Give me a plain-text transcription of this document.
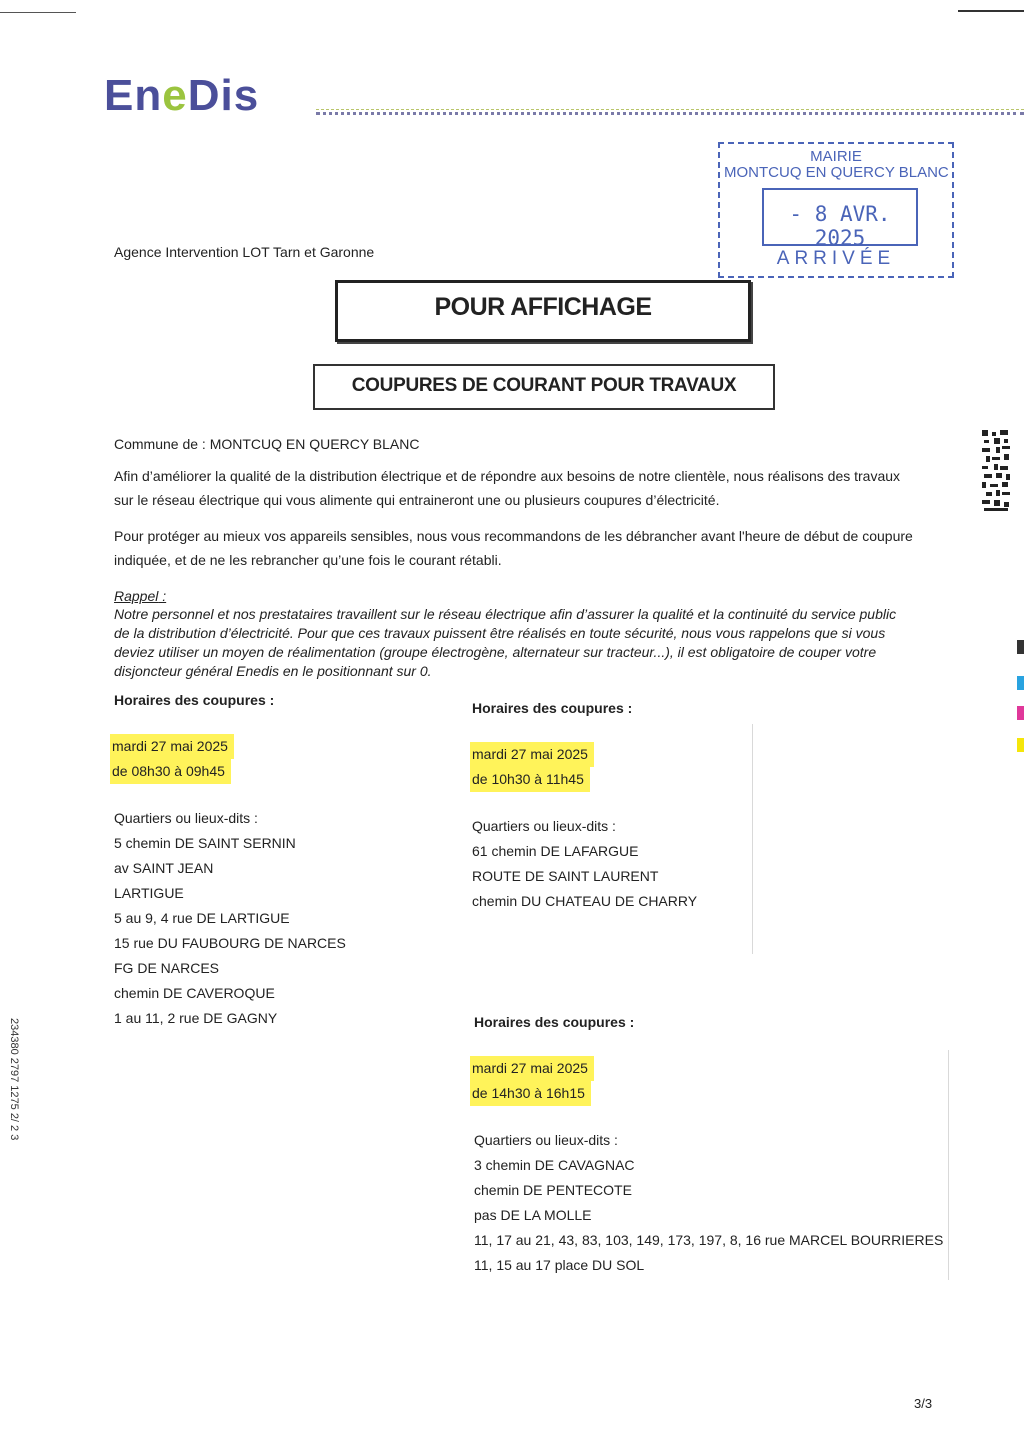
EneDis
MAIRIE
MONTCUQ EN QUERCY BLANC
- 8 AVR. 2025
ARRIVÉE
Agence Intervention LOT Tarn et Garonne
POUR AFFICHAGE
COUPURES DE COURANT POUR TRAVAUX
Commune de : MONTCUQ EN QUERCY BLANC
Afin d’améliorer la qualité de la distribution électrique et de répondre aux besoins de notre clientèle, nous réalisons des travaux
sur le réseau électrique qui vous alimente qui entraineront une ou plusieurs coupures d’électricité.
Pour protéger au mieux vos appareils sensibles, nous vous recommandons de les débrancher avant l'heure de début de coupure
indiquée, et de ne les rebrancher qu’une fois le courant rétabli.
Rappel :
Notre personnel et nos prestataires travaillent sur le réseau électrique afin d’assurer la qualité et la continuité du service public
de la distribution d’électricité. Pour que ces travaux puissent être réalisés en toute sécurité, nous vous rappelons que si vous
deviez utiliser un moyen de réalimentation (groupe électrogène, alternateur sur tracteur...), il est obligatoire de couper votre
disjoncteur général Enedis en le positionnant sur 0.
Horaires des coupures :
mardi 27 mai 2025
de 08h30 à 09h45
Quartiers ou lieux-dits :
5 chemin DE SAINT SERNIN
av SAINT JEAN
LARTIGUE
5 au 9, 4 rue DE LARTIGUE
15 rue DU FAUBOURG DE NARCES
FG DE NARCES
chemin DE CAVEROQUE
1 au 11, 2 rue DE GAGNY
Horaires des coupures :
mardi 27 mai 2025
de 10h30 à 11h45
Quartiers ou lieux-dits :
61 chemin DE LAFARGUE
ROUTE DE SAINT LAURENT
chemin DU CHATEAU DE CHARRY
Horaires des coupures :
mardi 27 mai 2025
de 14h30 à 16h15
Quartiers ou lieux-dits :
3 chemin DE CAVAGNAC
chemin DE PENTECOTE
pas DE LA MOLLE
11, 17 au 21, 43, 83, 103, 149, 173, 197, 8, 16 rue MARCEL BOURRIERES
11, 15 au 17 place DU SOL
234380 2797 1275 2/ 2 3
3/3
